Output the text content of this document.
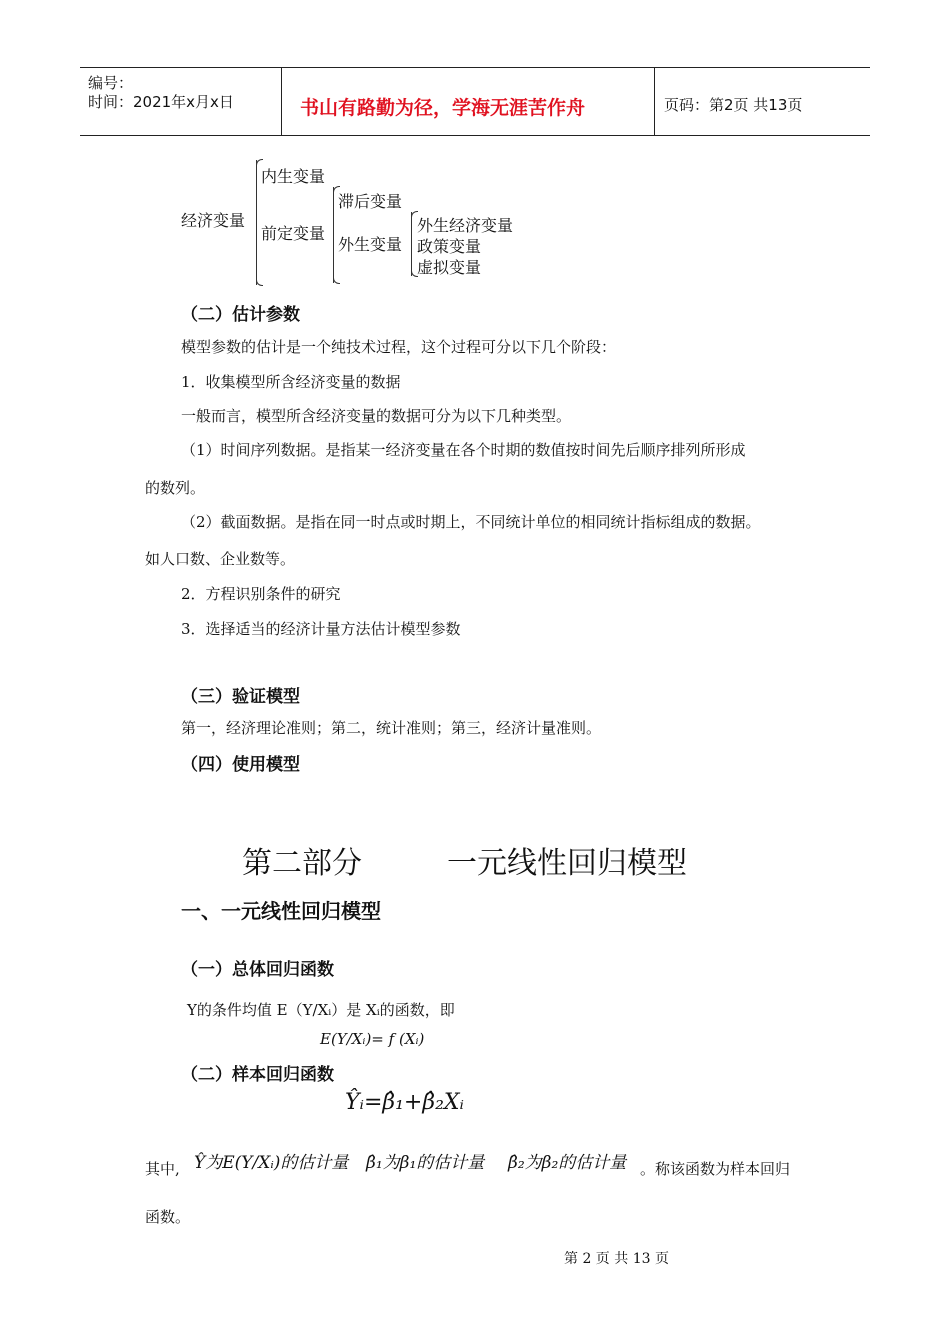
编号：
时间：2021年x月x日	书山有路勤为径，学海无涯苦作舟	页码：第2页 共13页
经济变量
内生变量
前定变量
滞后变量
外生变量
外生经济变量
政策变量
虚拟变量
（二）估计参数
模型参数的估计是一个纯技术过程，这个过程可分以下几个阶段：
1．收集模型所含经济变量的数据
一般而言，模型所含经济变量的数据可分为以下几种类型。
（1）时间序列数据。是指某一经济变量在各个时期的数值按时间先后顺序排列所形成
的数列。
（2）截面数据。是指在同一时点或时期上，不同统计单位的相同统计指标组成的数据。
如人口数、企业数等。
2．方程识别条件的研究
3．选择适当的经济计量方法估计模型参数
（三）验证模型
第一，经济理论准则；第二，统计准则；第三，经济计量准则。
（四）使用模型
第二部分	一元线性回归模型
一、一元线性回归模型
（一）总体回归函数
Y的条件均值 E（Y/Xᵢ）是 Xᵢ的函数，即
E(Y/Xᵢ)= f (Xᵢ)
（二）样本回归函数
Ŷᵢ=β̂₁+β̂₂Xᵢ
其中, Ŷ为E(Y/Xᵢ)的估计量 β̂₁为β₁的估计量 β̂₂为β₂的估计量 。称该函数为样本回归
函数。
第 2 页 共 13 页
